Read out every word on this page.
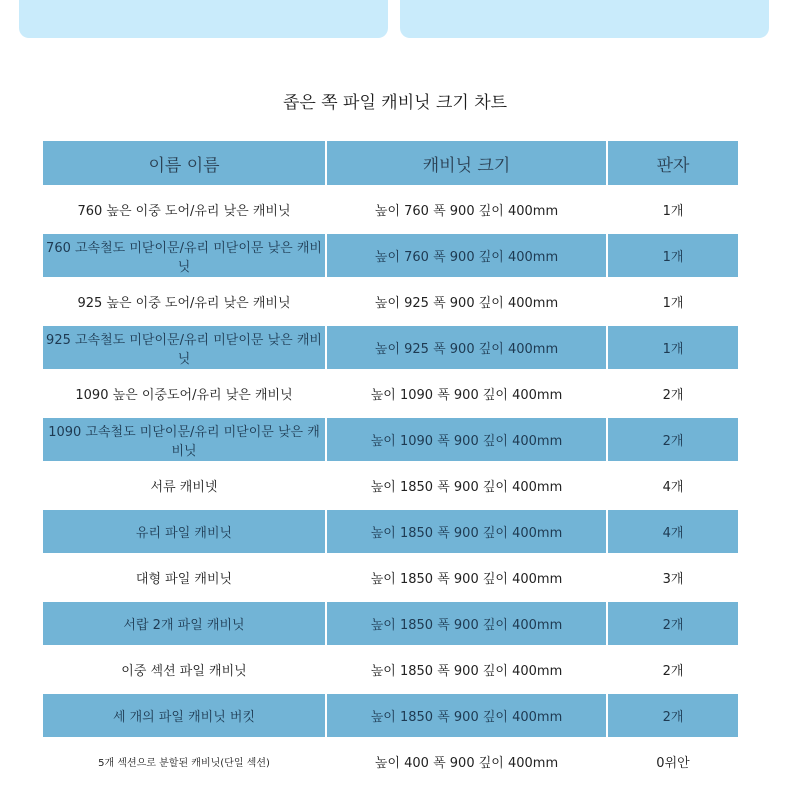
좁은 쪽 파일 캐비닛 크기 차트
이름 이름	캐비닛 크기	판자
760 높은 이중 도어/유리 낮은 캐비닛	높이 760 폭 900 깊이 400mm	1개
760 고속철도 미닫이문/유리 미닫이문 낮은 캐비닛	높이 760 폭 900 깊이 400mm	1개
925 높은 이중 도어/유리 낮은 캐비닛	높이 925 폭 900 깊이 400mm	1개
925 고속철도 미닫이문/유리 미닫이문 낮은 캐비닛	높이 925 폭 900 깊이 400mm	1개
1090 높은 이중도어/유리 낮은 캐비닛	높이 1090 폭 900 깊이 400mm	2개
1090 고속철도 미닫이문/유리 미닫이문 낮은 캐비닛	높이 1090 폭 900 깊이 400mm	2개
서류 캐비넷	높이 1850 폭 900 깊이 400mm	4개
유리 파일 캐비닛	높이 1850 폭 900 깊이 400mm	4개
대형 파일 캐비닛	높이 1850 폭 900 깊이 400mm	3개
서랍 2개 파일 캐비닛	높이 1850 폭 900 깊이 400mm	2개
이중 섹션 파일 캐비닛	높이 1850 폭 900 깊이 400mm	2개
세 개의 파일 캐비닛 버킷	높이 1850 폭 900 깊이 400mm	2개
5개 섹션으로 분할된 캐비닛(단일 섹션)	높이 400 폭 900 깊이 400mm	0위안
